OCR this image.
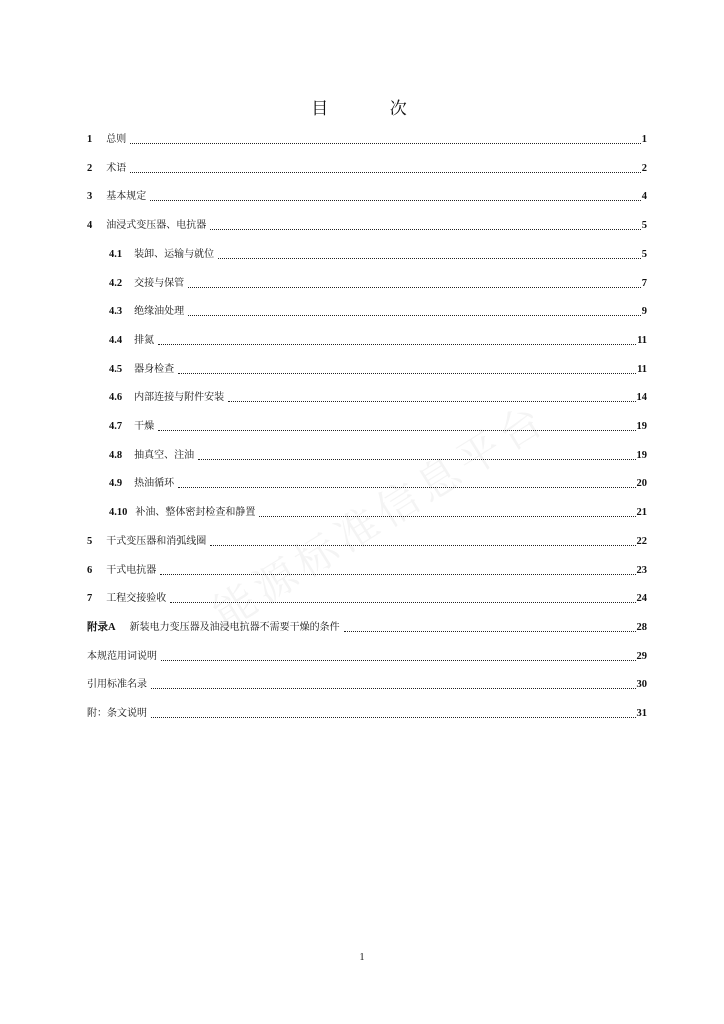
目 次
1 总则	1
2 术语	2
3 基本规定	4
4 油浸式变压器、电抗器	5
4.1 装卸、运输与就位	5
4.2 交接与保管	7
4.3 绝缘油处理	9
4.4 排氮	11
4.5 器身检查	11
4.6 内部连接与附件安装	14
4.7 干燥	19
4.8 抽真空、注油	19
4.9 热油循环	20
4.10 补油、整体密封检查和静置	21
5 干式变压器和消弧线圈	22
6 干式电抗器	23
7 工程交接验收	24
附录A 新装电力变压器及油浸电抗器不需要干燥的条件	28
本规范用词说明	29
引用标准名录	30
附：条文说明	31
1
